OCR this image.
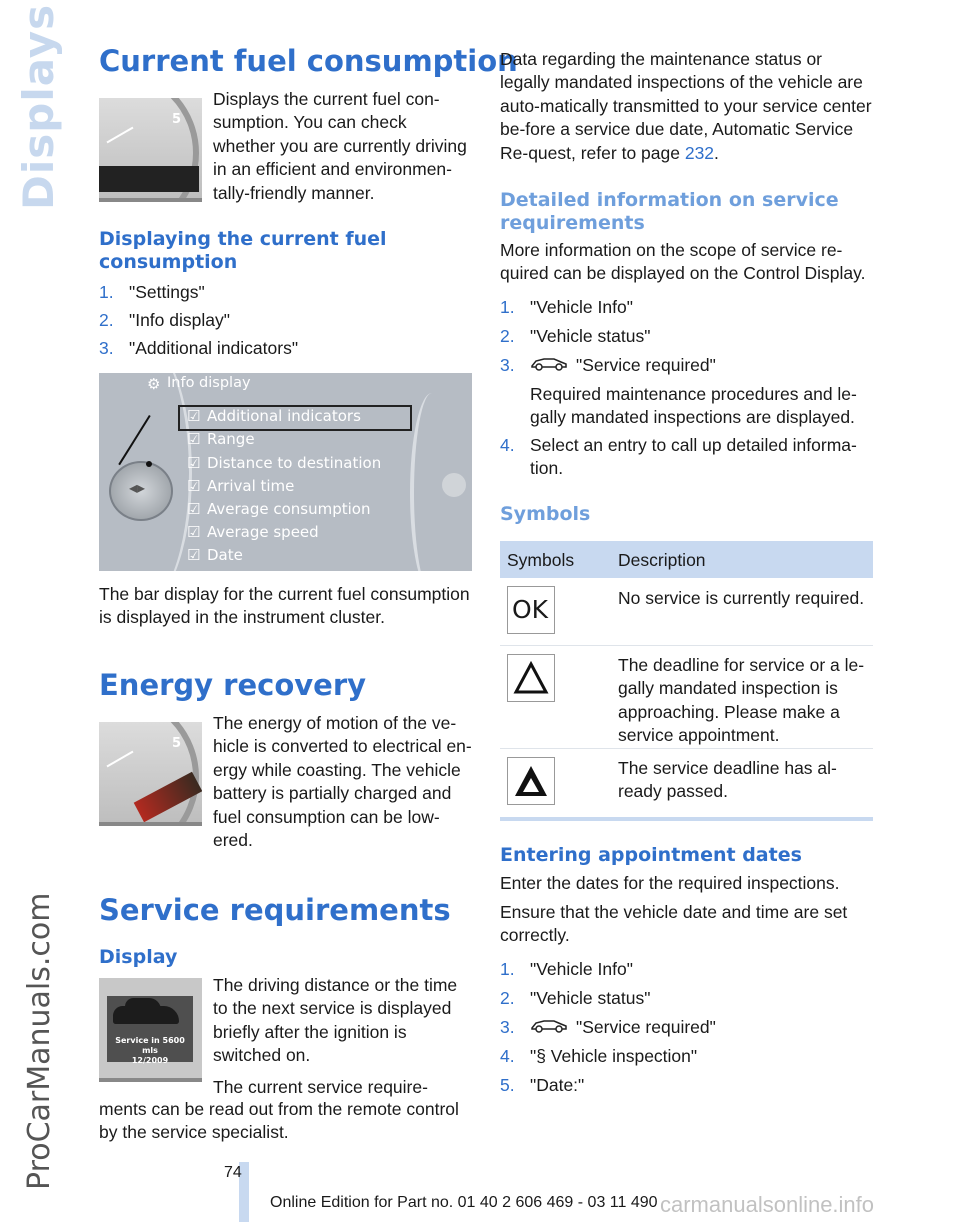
Displays
ProCarManuals.com
Current fuel consumption
5

Displays the current fuel con-

sumption. You can check

whether you are currently driving

in an efficient and environmen-

tally-friendly manner.

Displaying the current fuel consumption
1. "Settings"
2. "Info display"
3. "Additional indicators"
⚙ Info display
☑ Additional indicators
☑ Range
☑ Distance to destination
☑ Arrival time
☑ Average consumption
☑ Average speed
☑ Date
◂▸

The bar display for the current fuel consumption is displayed in the instrument cluster.

Energy recovery
5

The energy of motion of the ve-

hicle is converted to electrical en-

ergy while coasting. The vehicle

battery is partially charged and

fuel consumption can be low-

ered.

Service requirements
Display
Service in 5600 mls
12/2009

The driving distance or the time

to the next service is displayed

briefly after the ignition is

switched on.

The current service require-

ments can be read out from the remote control by the service specialist.

Data regarding the maintenance status or legally mandated inspections of the vehicle are auto-matically transmitted to your service center be-fore a service due date, Automatic Service Re-quest, refer to page 232.

Detailed information on service requirements

More information on the scope of service re-quired can be displayed on the Control Display.

1. "Vehicle Info"
2. "Vehicle status"
3.	"Service required"
Required maintenance procedures and le-gally mandated inspections are displayed.
4. Select an entry to call up detailed informa-tion.
Symbols
Symbols	Description
OK	No service is currently required.
The deadline for service or a le-gally mandated inspection is approaching. Please make a service appointment.
The service deadline has al-ready passed.
Entering appointment dates

Enter the dates for the required inspections.

Ensure that the vehicle date and time are set correctly.

1. "Vehicle Info"
2. "Vehicle status"
3.	"Service required"
4. "§ Vehicle inspection"
5. "Date:"
74
Online Edition for Part no. 01 40 2 606 469 - 03 11 490 carmanualsonline.info
